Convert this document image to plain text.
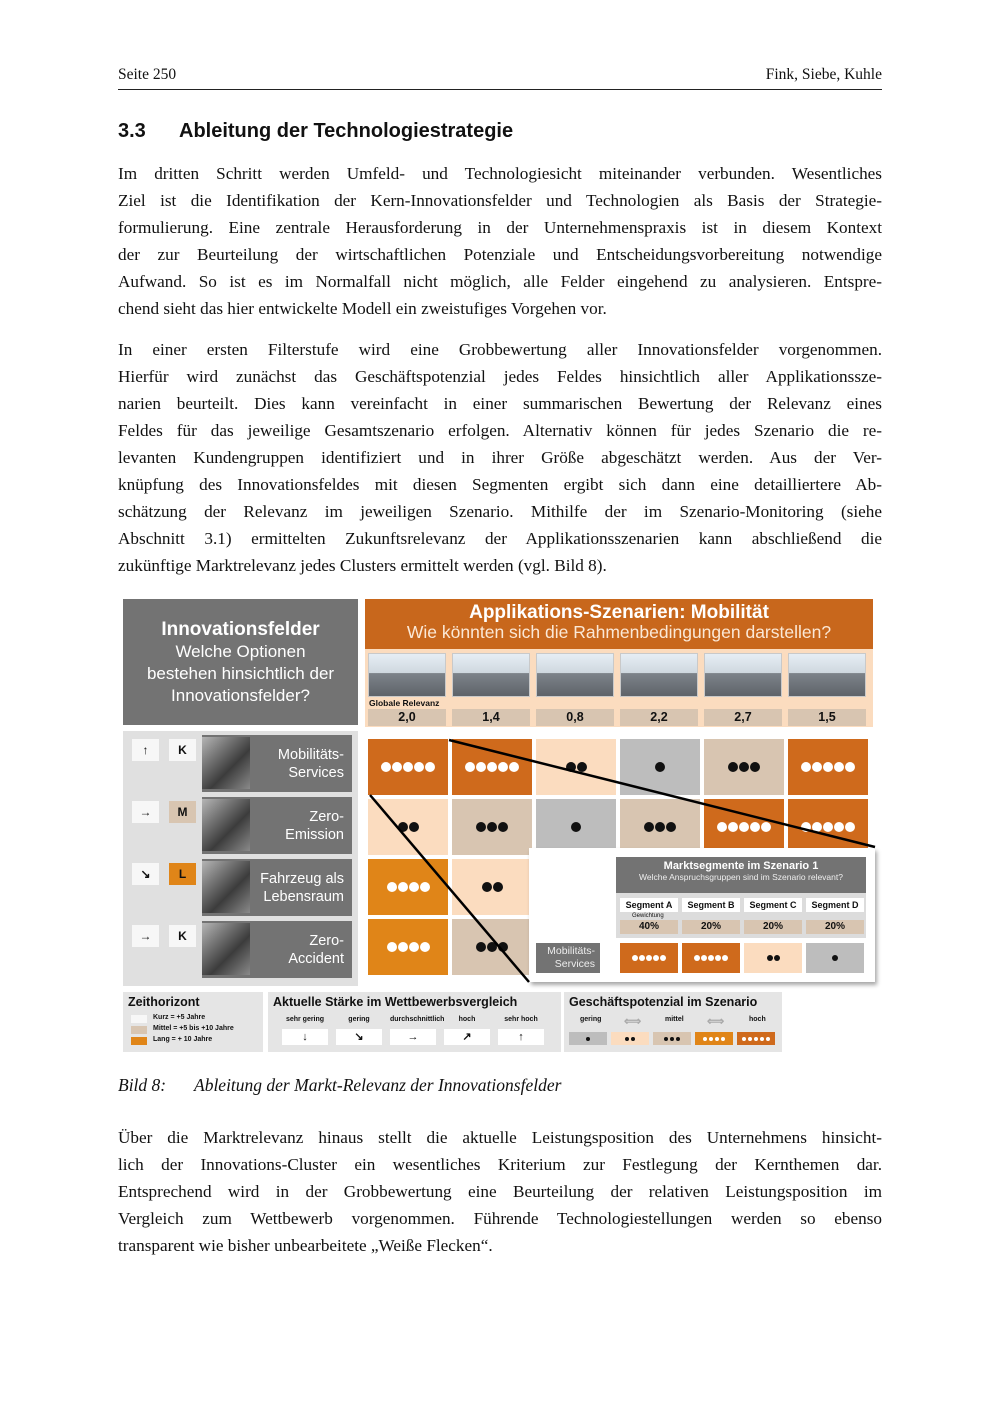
Seite 250	Fink, Siebe, Kuhle
3.3 Ableitung der Technologiestrategie
Im dritten Schritt werden Umfeld- und Technologiesicht miteinander verbunden. Wesentliches
Ziel ist die Identifikation der Kern-Innovationsfelder und Technologien als Basis der Strategie-
formulierung. Eine zentrale Herausforderung in der Unternehmenspraxis ist in diesem Kontext
der zur Beurteilung der wirtschaftlichen Potenziale und Entscheidungsvorbereitung notwendige
Aufwand. So ist es im Normalfall nicht möglich, alle Felder eingehend zu analysieren. Entspre-
chend sieht das hier entwickelte Modell ein zweistufiges Vorgehen vor.
In einer ersten Filterstufe wird eine Grobbewertung aller Innovationsfelder vorgenommen.
Hierfür wird zunächst das Geschäftspotenzial jedes Feldes hinsichtlich aller Applikationssze-
narien beurteilt. Dies kann vereinfacht in einer summarischen Bewertung der Relevanz eines
Feldes für das jeweilige Gesamtszenario erfolgen. Alternativ können für jedes Szenario die re-
levanten Kundengruppen identifiziert und in ihrer Größe abgeschätzt werden. Aus der Ver-
knüpfung des Innovationsfeldes mit diesen Segmenten ergibt sich dann eine detailliertere Ab-
schätzung der Relevanz im jeweiligen Szenario. Mithilfe der im Szenario-Monitoring (siehe
Abschnitt 3.1) ermittelten Zukunftsrelevanz der Applikationsszenarien kann abschließend die
zukünftige Marktrelevanz jedes Clusters ermittelt werden (vgl. Bild 8).
Innovationsfelder
Welche Optionen
bestehen hinsichtlich der
Innovationsfelder?
Applikations-Szenarien: Mobilität
Wie könnten sich die Rahmenbedingungen darstellen?
Globale Relevanz
2,0	1,4	0,8	2,2	2,7	1,5
↑	K	Mobilitäts-
Services
→	M	Zero-
Emission
↘	L	Fahrzeug als
Lebensraum
→	K	Zero-
Accident
Marktsegmente im Szenario 1
Welche Anspruchsgruppen sind im Szenario relevant?
Gewichtung
Segment A
40%
Segment B
20%
Segment C
20%
Segment D
20%
Mobilitäts-
Services
Zeithorizont
Kurz = +5 Jahre
Mittel = +5 bis +10 Jahre
Lang = + 10 Jahre
Aktuelle Stärke im Wettbewerbsvergleich
sehr gering
↓
gering
↘
durchschnittlich
→
hoch
↗
sehr hoch
↑
Geschäftspotenzial im Szenario
gering ⟺	mittel ⟺	hoch
Bild 8: Ableitung der Markt-Relevanz der Innovationsfelder
Über die Marktrelevanz hinaus stellt die aktuelle Leistungsposition des Unternehmens hinsicht-
lich der Innovations-Cluster ein wesentliches Kriterium zur Festlegung der Kernthemen dar.
Entsprechend wird in der Grobbewertung eine Beurteilung der relativen Leistungsposition im
Vergleich zum Wettbewerb vorgenommen. Führende Technologiestellungen werden so ebenso
transparent wie bisher unbearbeitete „Weiße Flecken“.
